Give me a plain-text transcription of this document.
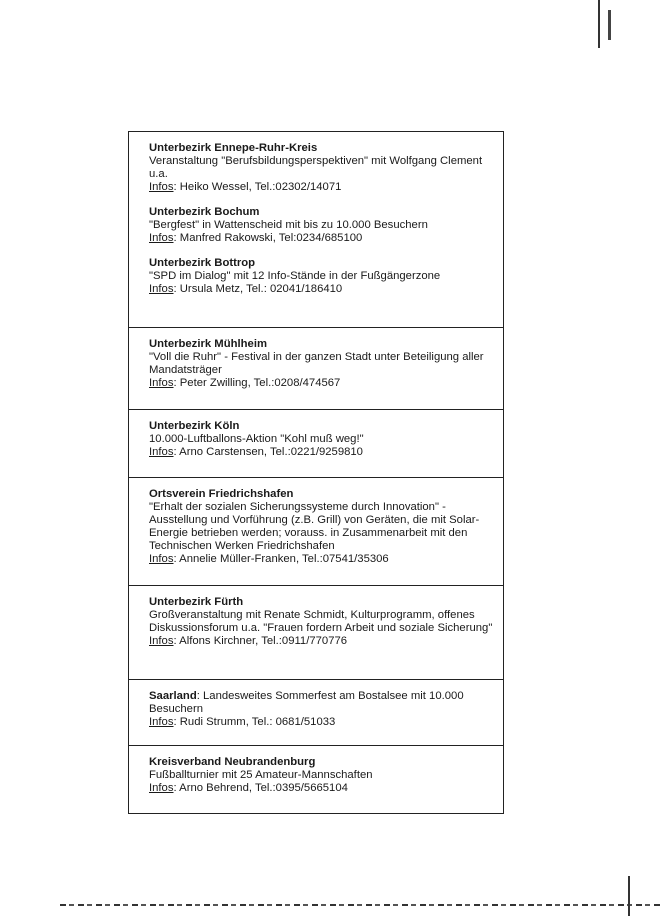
Unterbezirk Ennepe-Ruhr-Kreis
Veranstaltung "Berufsbildungsperspektiven" mit Wolfgang Clement u.a.
Infos: Heiko Wessel, Tel.:02302/14071
Unterbezirk Bochum
"Bergfest" in Wattenscheid mit bis zu 10.000 Besuchern
Infos: Manfred Rakowski, Tel:0234/685100
Unterbezirk Bottrop
"SPD im Dialog" mit 12 Info-Stände in der Fußgängerzone
Infos: Ursula Metz, Tel.: 02041/186410
Unterbezirk Mühlheim
"Voll die Ruhr" - Festival in der ganzen Stadt unter Beteiligung aller Mandatsträger
Infos: Peter Zwilling, Tel.:0208/474567
Unterbezirk Köln
10.000-Luftballons-Aktion "Kohl muß weg!"
Infos: Arno Carstensen, Tel.:0221/9259810
Ortsverein Friedrichshafen
"Erhalt der sozialen Sicherungssysteme durch Innovation" - Ausstellung und Vorführung (z.B. Grill) von Geräten, die mit Solar-Energie betrieben werden; vorauss. in Zusammenarbeit mit den Technischen Werken Friedrichshafen
Infos: Annelie Müller-Franken, Tel.:07541/35306
Unterbezirk Fürth
Großveranstaltung mit Renate Schmidt, Kulturprogramm, offenes Diskussionsforum u.a. "Frauen fordern Arbeit und soziale Sicherung"
Infos: Alfons Kirchner, Tel.:0911/770776
Saarland: Landesweites Sommerfest am Bostalsee mit 10.000 Besuchern
Infos: Rudi Strumm, Tel.: 0681/51033
Kreisverband Neubrandenburg
Fußballturnier mit 25 Amateur-Mannschaften
Infos: Arno Behrend, Tel.:0395/5665104
